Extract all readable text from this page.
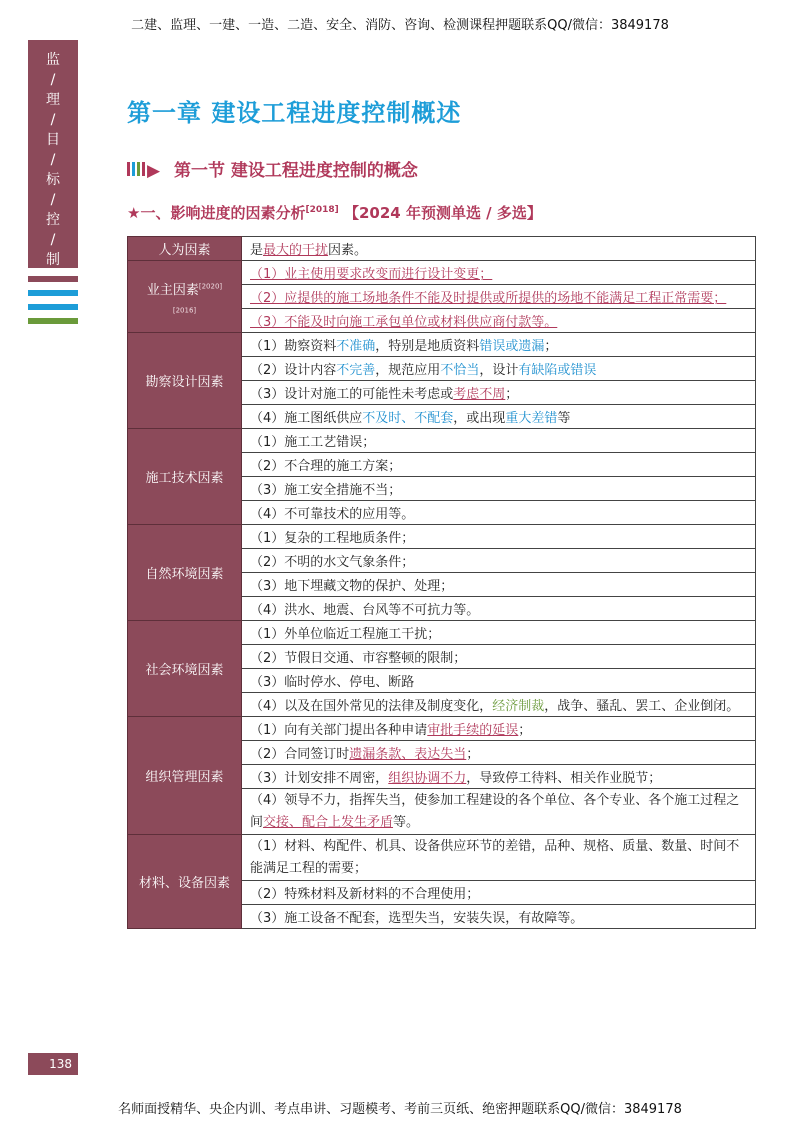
二建、监理、一建、一造、二造、安全、消防、咨询、检测课程押题联系QQ/微信：3849178
监
/
理
/
目
/
标
/
控
/
制
第一章 建设工程进度控制概述
▶ 第一节 建设工程进度控制的概念
★一、影响进度的因素分析[2018] 【2024 年预测单选 / 多选】
人为因素	是最大的干扰因素。
业主因素[2020]
$_{[2016]}$	（1）业主使用要求改变而进行设计变更；
	（2）应提供的施工场地条件不能及时提供或所提供的场地不能满足工程正常需要；
	（3）不能及时向施工承包单位或材料供应商付款等。
勘察设计因素	（1）勘察资料不准确，特别是地质资料错误或遗漏；
	（2）设计内容不完善，规范应用不恰当，设计有缺陷或错误
	（3）设计对施工的可能性未考虑或考虑不周；
	（4）施工图纸供应不及时、不配套，或出现重大差错等
施工技术因素	（1）施工工艺错误；
	（2）不合理的施工方案；
	（3）施工安全措施不当；
	（4）不可靠技术的应用等。
自然环境因素	（1）复杂的工程地质条件；
	（2）不明的水文气象条件；
	（3）地下埋藏文物的保护、处理；
	（4）洪水、地震、台风等不可抗力等。
社会环境因素	（1）外单位临近工程施工干扰；
	（2）节假日交通、市容整顿的限制；
	（3）临时停水、停电、断路
	（4）以及在国外常见的法律及制度变化，经济制裁，战争、骚乱、罢工、企业倒闭。
组织管理因素	（1）向有关部门提出各种申请审批手续的延误；
	（2）合同签订时遗漏条款、表达失当；
	（3）计划安排不周密，组织协调不力，导致停工待料、相关作业脱节；
	（4）领导不力，指挥失当，使参加工程建设的各个单位、各个专业、各个施工过程之间交接、配合上发生矛盾等。
材料、设备因素	（1）材料、构配件、机具、设备供应环节的差错，品种、规格、质量、数量、时间不能满足工程的需要；
	（2）特殊材料及新材料的不合理使用；
	（3）施工设备不配套，选型失当，安装失误，有故障等。
138
名师面授精华、央企内训、考点串讲、习题模考、考前三页纸、绝密押题联系QQ/微信：3849178
